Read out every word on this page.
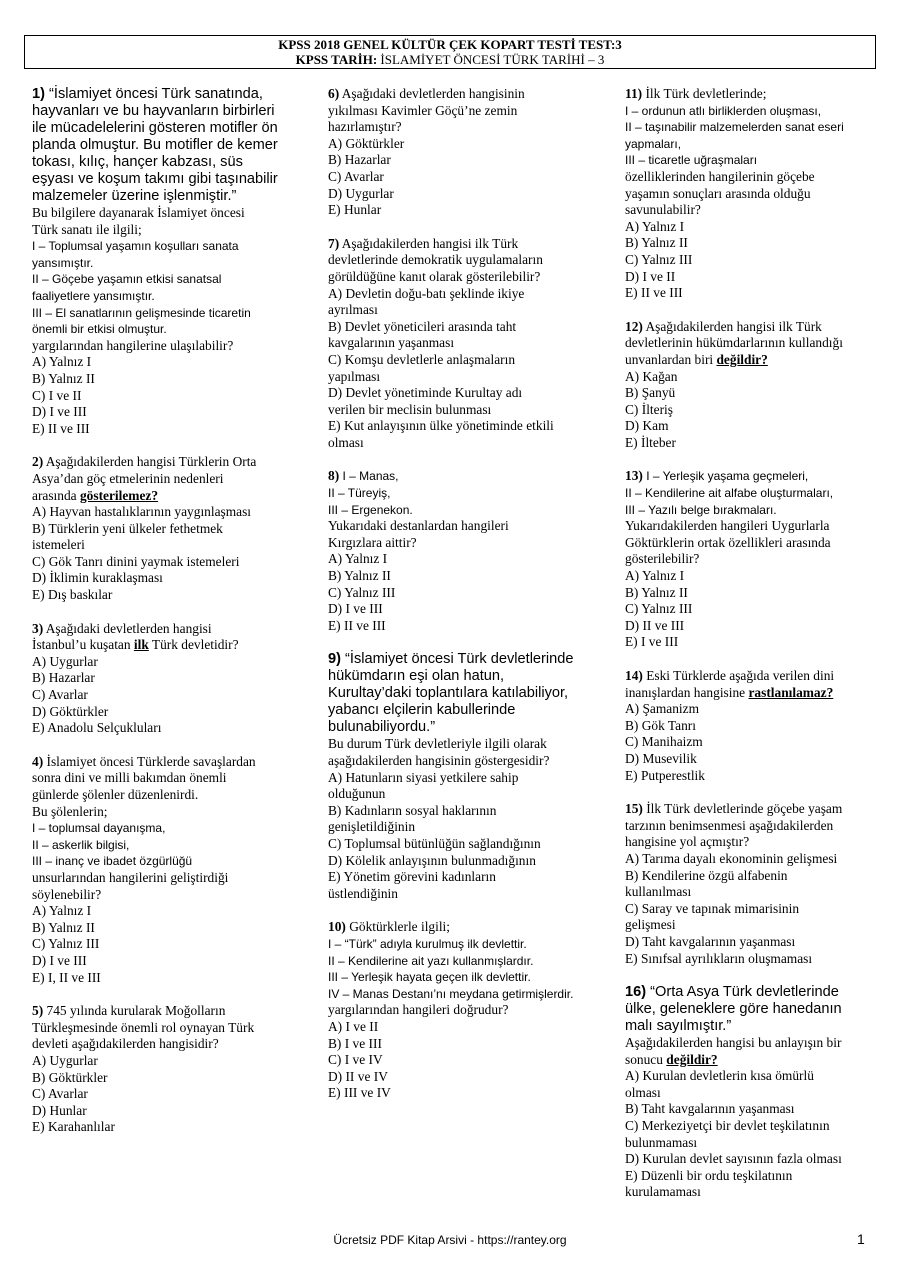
KPSS 2018 GENEL KÜLTÜR ÇEK KOPART TESTİ TEST:3
KPSS TARİH: İSLAMİYET ÖNCESİ TÜRK TARİHİ – 3
1) “İslamiyet öncesi Türk sanatında,
hayvanları ve bu hayvanların birbirleri
ile mücadelelerini gösteren motifler ön
planda olmuştur. Bu motifler de kemer
tokası, kılıç, hançer kabzası, süs
eşyası ve koşum takımı gibi taşınabilir
malzemeler üzerine işlenmiştir.”
Bu bilgilere dayanarak İslamiyet öncesi
Türk sanatı ile ilgili;
I – Toplumsal yaşamın koşulları sanata
yansımıştır.
II – Göçebe yaşamın etkisi sanatsal
faaliyetlere yansımıştır.
III – El sanatlarının gelişmesinde ticaretin
önemli bir etkisi olmuştur.
yargılarından hangilerine ulaşılabilir?
A) Yalnız I
B) Yalnız II
C) I ve II
D) I ve III
E) II ve III
2) Aşağıdakilerden hangisi Türklerin Orta
Asya’dan göç etmelerinin nedenleri
arasında gösterilemez?
A) Hayvan hastalıklarının yaygınlaşması
B) Türklerin yeni ülkeler fethetmek
istemeleri
C) Gök Tanrı dinini yaymak istemeleri
D) İklimin kuraklaşması
E) Dış baskılar
3) Aşağıdaki devletlerden hangisi
İstanbul’u kuşatan ilk Türk devletidir?
A) Uygurlar
B) Hazarlar
C) Avarlar
D) Göktürkler
E) Anadolu Selçukluları
4) İslamiyet öncesi Türklerde savaşlardan
sonra dini ve milli bakımdan önemli
günlerde şölenler düzenlenirdi.
Bu şölenlerin;
I – toplumsal dayanışma,
II – askerlik bilgisi,
III – inanç ve ibadet özgürlüğü
unsurlarından hangilerini geliştirdiği
söylenebilir?
A) Yalnız I
B) Yalnız II
C) Yalnız III
D) I ve III
E) I, II ve III
5) 745 yılında kurularak Moğolların
Türkleşmesinde önemli rol oynayan Türk
devleti aşağıdakilerden hangisidir?
A) Uygurlar
B) Göktürkler
C) Avarlar
D) Hunlar
E) Karahanlılar
6) Aşağıdaki devletlerden hangisinin
yıkılması Kavimler Göçü’ne zemin
hazırlamıştır?
A) Göktürkler
B) Hazarlar
C) Avarlar
D) Uygurlar
E) Hunlar
7) Aşağıdakilerden hangisi ilk Türk
devletlerinde demokratik uygulamaların
görüldüğüne kanıt olarak gösterilebilir?
A) Devletin doğu-batı şeklinde ikiye
ayrılması
B) Devlet yöneticileri arasında taht
kavgalarının yaşanması
C) Komşu devletlerle anlaşmaların
yapılması
D) Devlet yönetiminde Kurultay adı
verilen bir meclisin bulunması
E) Kut anlayışının ülke yönetiminde etkili
olması
8) I – Manas,
II – Türeyiş,
III – Ergenekon.
Yukarıdaki destanlardan hangileri
Kırgızlara aittir?
A) Yalnız I
B) Yalnız II
C) Yalnız III
D) I ve III
E) II ve III
9) “İslamiyet öncesi Türk devletlerinde
hükümdarın eşi olan hatun,
Kurultay’daki toplantılara katılabiliyor,
yabancı elçilerin kabullerinde
bulunabiliyordu.”
Bu durum Türk devletleriyle ilgili olarak
aşağıdakilerden hangisinin göstergesidir?
A) Hatunların siyasi yetkilere sahip
olduğunun
B) Kadınların sosyal haklarının
genişletildiğinin
C) Toplumsal bütünlüğün sağlandığının
D) Kölelik anlayışının bulunmadığının
E) Yönetim görevini kadınların
üstlendiğinin
10) Göktürklerle ilgili;
I – “Türk” adıyla kurulmuş ilk devlettir.
II – Kendilerine ait yazı kullanmışlardır.
III – Yerleşik hayata geçen ilk devlettir.
IV – Manas Destanı’nı meydana getirmişlerdir.
yargılarından hangileri doğrudur?
A) I ve II
B) I ve III
C) I ve IV
D) II ve IV
E) III ve IV
11) İlk Türk devletlerinde;
I – ordunun atlı birliklerden oluşması,
II – taşınabilir malzemelerden sanat eseri
yapmaları,
III – ticaretle uğraşmaları
özelliklerinden hangilerinin göçebe
yaşamın sonuçları arasında olduğu
savunulabilir?
A) Yalnız I
B) Yalnız II
C) Yalnız III
D) I ve II
E) II ve III
12) Aşağıdakilerden hangisi ilk Türk
devletlerinin hükümdarlarının kullandığı
unvanlardan biri değildir?
A) Kağan
B) Şanyü
C) İlteriş
D) Kam
E) İlteber
13) I – Yerleşik yaşama geçmeleri,
II – Kendilerine ait alfabe oluşturmaları,
III – Yazılı belge bırakmaları.
Yukarıdakilerden hangileri Uygurlarla
Göktürklerin ortak özellikleri arasında
gösterilebilir?
A) Yalnız I
B) Yalnız II
C) Yalnız III
D) II ve III
E) I ve III
14) Eski Türklerde aşağıda verilen dini
inanışlardan hangisine rastlanılamaz?
A) Şamanizm
B) Gök Tanrı
C) Manihaizm
D) Musevilik
E) Putperestlik
15) İlk Türk devletlerinde göçebe yaşam
tarzının benimsenmesi aşağıdakilerden
hangisine yol açmıştır?
A) Tarıma dayalı ekonominin gelişmesi
B) Kendilerine özgü alfabenin
kullanılması
C) Saray ve tapınak mimarisinin
gelişmesi
D) Taht kavgalarının yaşanması
E) Sınıfsal ayrılıkların oluşmaması
16) “Orta Asya Türk devletlerinde
ülke, geleneklere göre hanedanın
malı sayılmıştır.”
Aşağıdakilerden hangisi bu anlayışın bir
sonucu değildir?
A) Kurulan devletlerin kısa ömürlü
olması
B) Taht kavgalarının yaşanması
C) Merkeziyetçi bir devlet teşkilatının
bulunmaması
D) Kurulan devlet sayısının fazla olması
E) Düzenli bir ordu teşkilatının
kurulamaması
Ücretsiz PDF Kitap Arsivi - https://rantey.org	1
